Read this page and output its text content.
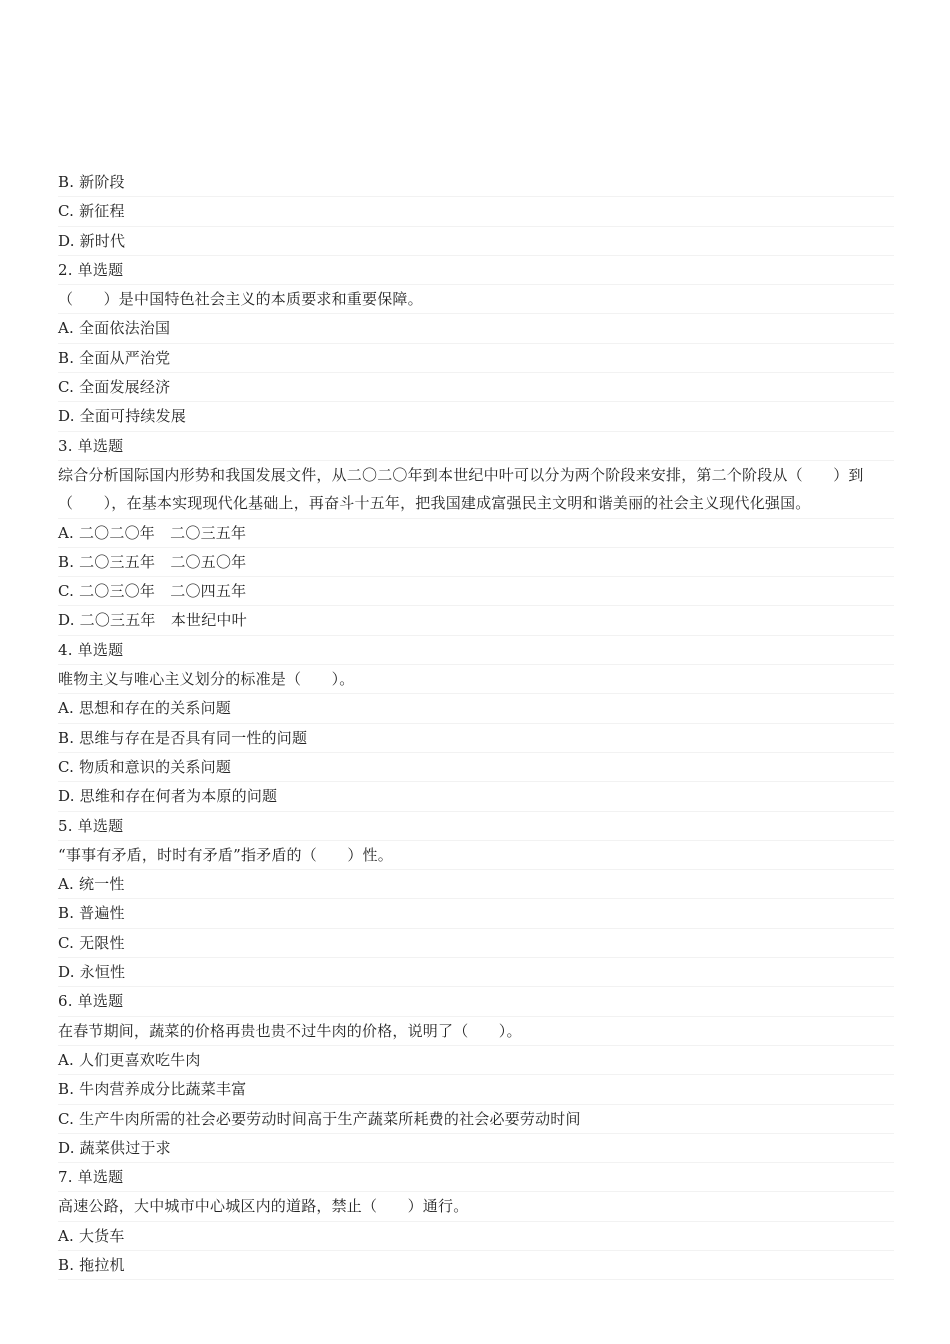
B. 新阶段
C. 新征程
D. 新时代
2. 单选题
（　　）是中国特色社会主义的本质要求和重要保障。
A. 全面依法治国
B. 全面从严治党
C. 全面发展经济
D. 全面可持续发展
3. 单选题
综合分析国际国内形势和我国发展文件，从二〇二〇年到本世纪中叶可以分为两个阶段来安排，第二个阶段从（　　）到（　　），在基本实现现代化基础上，再奋斗十五年，把我国建成富强民主文明和谐美丽的社会主义现代化强国。
A. 二〇二〇年　二〇三五年
B. 二〇三五年　二〇五〇年
C. 二〇三〇年　二〇四五年
D. 二〇三五年　本世纪中叶
4. 单选题
唯物主义与唯心主义划分的标准是（　　）。
A. 思想和存在的关系问题
B. 思维与存在是否具有同一性的问题
C. 物质和意识的关系问题
D. 思维和存在何者为本原的问题
5. 单选题
“事事有矛盾，时时有矛盾”指矛盾的（　　）性。
A. 统一性
B. 普遍性
C. 无限性
D. 永恒性
6. 单选题
在春节期间，蔬菜的价格再贵也贵不过牛肉的价格，说明了（　　）。
A. 人们更喜欢吃牛肉
B. 牛肉营养成分比蔬菜丰富
C. 生产牛肉所需的社会必要劳动时间高于生产蔬菜所耗费的社会必要劳动时间
D. 蔬菜供过于求
7. 单选题
高速公路，大中城市中心城区内的道路，禁止（　　）通行。
A. 大货车
B. 拖拉机
